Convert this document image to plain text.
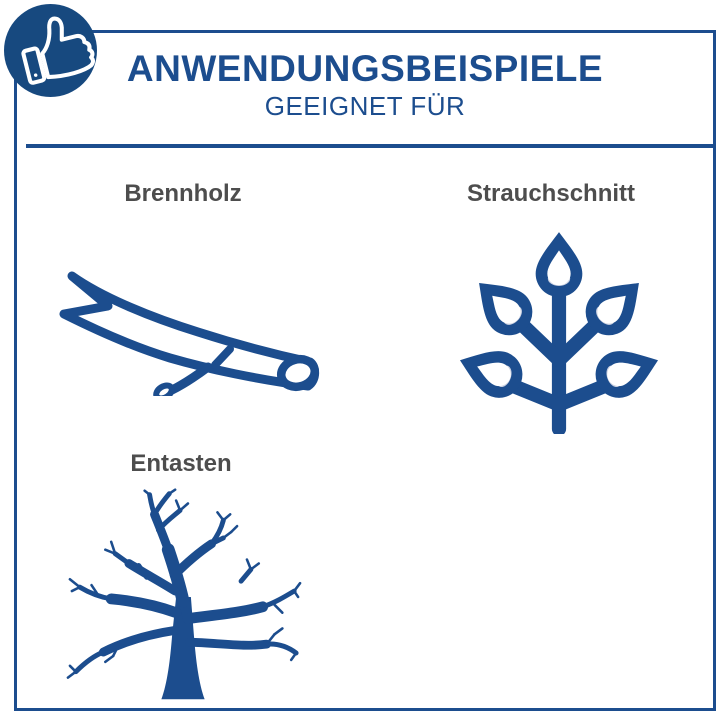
ANWENDUNGSBEISPIELE
GEEIGNET FÜR
Brennholz	Strauchschnitt
Entasten
